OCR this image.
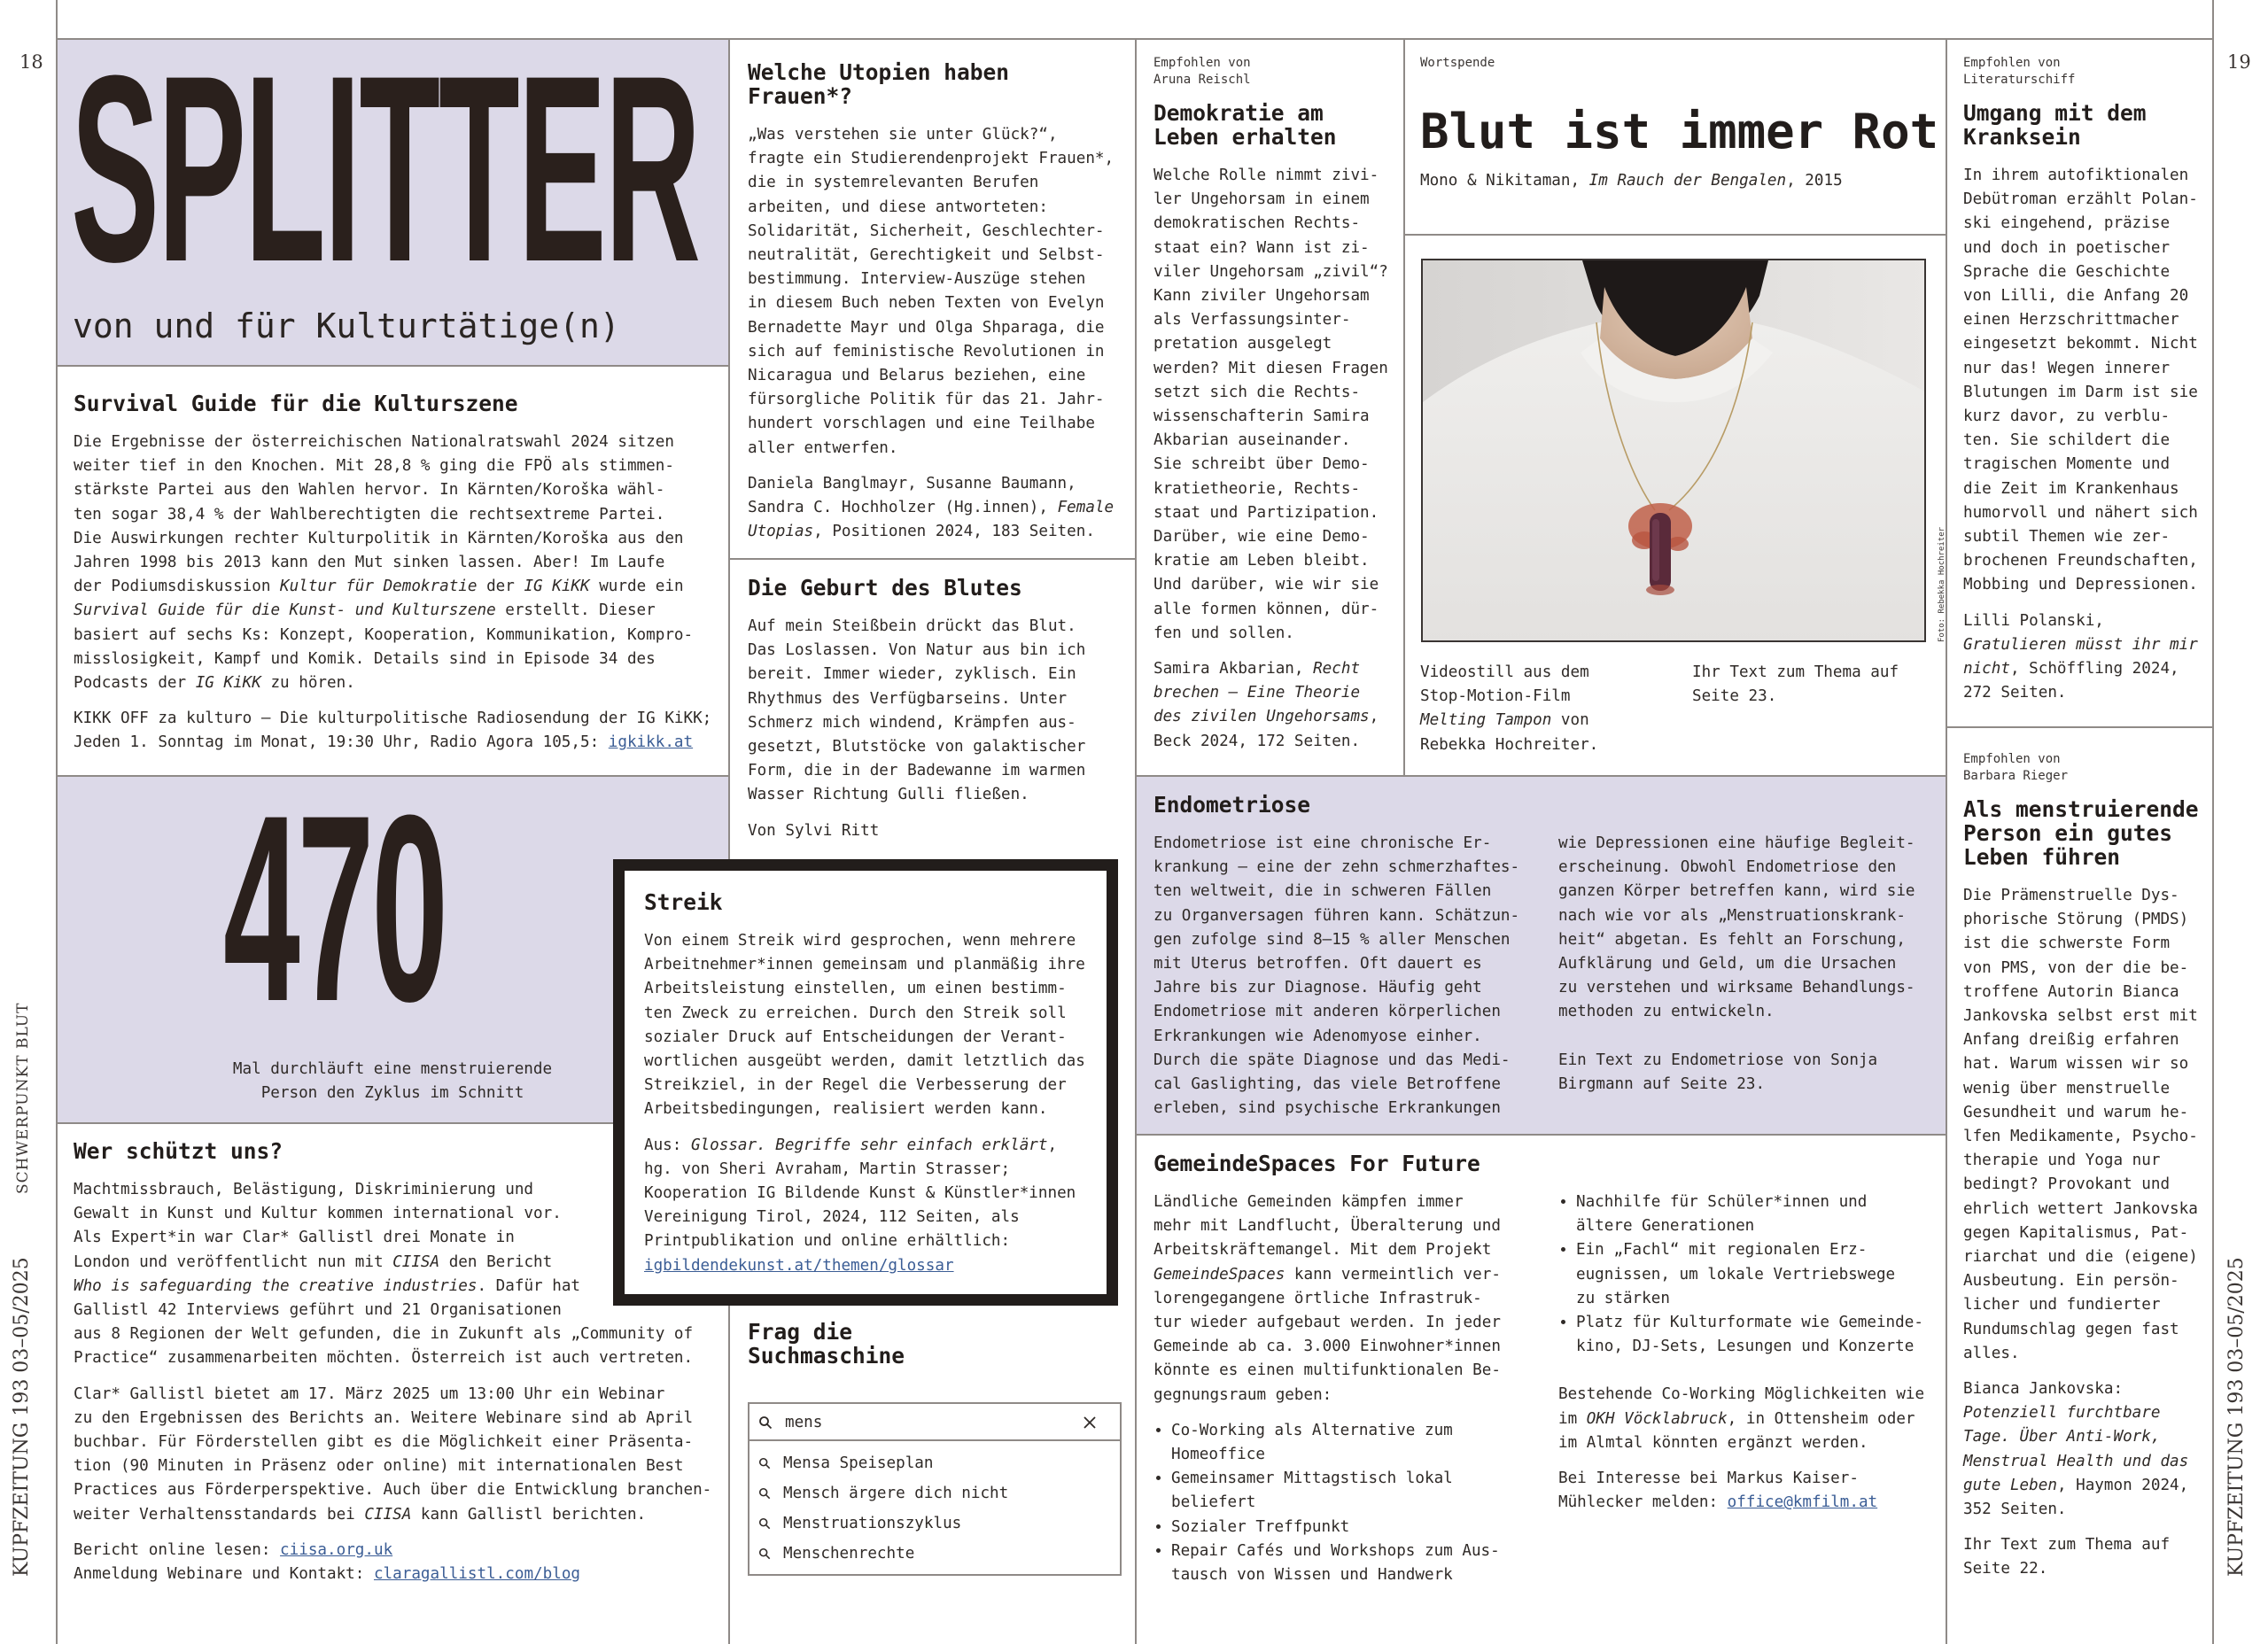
18	19
SCHWERPUNKT BLUT
KUPFZEITUNG 193 03–05/2025	KUPFZEITUNG 193 03–05/2025
SPLITTER
von und für Kulturtätige(n)
Survival Guide für die Kulturszene
Die Ergebnisse der österreichischen Nationalratswahl 2024 sitzen
weiter tief in den Knochen. Mit 28,8 % ging die FPÖ als stimmen-
stärkste Partei aus den Wahlen hervor. In Kärnten/Koroška wähl-
ten sogar 38,4 % der Wahlberechtigten die rechtsextreme Partei.
Die Auswirkungen rechter Kulturpolitik in Kärnten/Koroška aus den
Jahren 1998 bis 2013 kann den Mut sinken lassen. Aber! Im Laufe
der Podiumsdiskussion Kultur für Demokratie der IG KiKK wurde ein
Survival Guide für die Kunst- und Kulturszene erstellt. Dieser
basiert auf sechs Ks: Konzept, Kooperation, Kommunikation, Kompro-
misslosigkeit, Kampf und Komik. Details sind in Episode 34 des
Podcasts der IG KiKK zu hören.
KIKK OFF za kulturo – Die kulturpolitische Radiosendung der IG KiKK;
Jeden 1. Sonntag im Monat, 19:30 Uhr, Radio Agora 105,5: igkikk.at
470
Mal durchläuft eine menstruierende
Person den Zyklus im Schnitt
Wer schützt uns?
Machtmissbrauch, Belästigung, Diskriminierung und
Gewalt in Kunst und Kultur kommen international vor.
Als Expert*in war Clar* Gallistl drei Monate in
London und veröffentlicht nun mit CIISA den Bericht
Who is safeguarding the creative industries. Dafür hat
Gallistl 42 Interviews geführt und 21 Organisationen
aus 8 Regionen der Welt gefunden, die in Zukunft als „Community of
Practice“ zusammenarbeiten möchten. Österreich ist auch vertreten.
Clar* Gallistl bietet am 17. März 2025 um 13:00 Uhr ein Webinar
zu den Ergebnissen des Berichts an. Weitere Webinare sind ab April
buchbar. Für Förderstellen gibt es die Möglichkeit einer Präsenta-
tion (90 Minuten in Präsenz oder online) mit internationalen Best
Practices aus Förderperspektive. Auch über die Entwicklung branchen-
weiter Verhaltensstandards bei CIISA kann Gallistl berichten.
Bericht online lesen: ciisa.org.uk
Anmeldung Webinare und Kontakt: claragallistl.com/blog
Welche Utopien haben
Frauen*?
„Was verstehen sie unter Glück?“,
fragte ein Studierendenprojekt Frauen*,
die in systemrelevanten Berufen
arbeiten, und diese antworteten:
Solidarität, Sicherheit, Geschlechter-
neutralität, Gerechtigkeit und Selbst-
bestimmung. Interview-Auszüge stehen
in diesem Buch neben Texten von Evelyn
Bernadette Mayr und Olga Shparaga, die
sich auf feministische Revolutionen in
Nicaragua und Belarus beziehen, eine
fürsorgliche Politik für das 21. Jahr-
hundert vorschlagen und eine Teilhabe
aller entwerfen.
Daniela Banglmayr, Susanne Baumann,
Sandra C. Hochholzer (Hg.innen), Female
Utopias, Positionen 2024, 183 Seiten.
Die Geburt des Blutes
Auf mein Steißbein drückt das Blut.
Das Loslassen. Von Natur aus bin ich
bereit. Immer wieder, zyklisch. Ein
Rhythmus des Verfügbarseins. Unter
Schmerz mich windend, Krämpfen aus-
gesetzt, Blutstöcke von galaktischer
Form, die in der Badewanne im warmen
Wasser Richtung Gulli fließen.
Von Sylvi Ritt
Streik
Von einem Streik wird gesprochen, wenn mehrere
Arbeitnehmer*innen gemeinsam und planmäßig ihre
Arbeitsleistung einstellen, um einen bestimm-
ten Zweck zu erreichen. Durch den Streik soll
sozialer Druck auf Entscheidungen der Verant-
wortlichen ausgeübt werden, damit letztlich das
Streikziel, in der Regel die Verbesserung der
Arbeitsbedingungen, realisiert werden kann.
Aus: Glossar. Begriffe sehr einfach erklärt,
hg. von Sheri Avraham, Martin Strasser;
Kooperation IG Bildende Kunst & Künstler*innen
Vereinigung Tirol, 2024, 112 Seiten, als
Printpublikation und online erhältlich:
igbildendekunst.at/themen/glossar
Frag die
Suchmaschine
mens
Mensa Speiseplan
Mensch ärgere dich nicht
Menstruationszyklus
Menschenrechte
Empfohlen von
Aruna Reischl
Demokratie am
Leben erhalten
Welche Rolle nimmt zivi-
ler Ungehorsam in einem
demokratischen Rechts-
staat ein? Wann ist zi-
viler Ungehorsam „zivil“?
Kann ziviler Ungehorsam
als Verfassungsinter-
pretation ausgelegt
werden? Mit diesen Fragen
setzt sich die Rechts-
wissenschafterin Samira
Akbarian auseinander.
Sie schreibt über Demo-
kratietheorie, Rechts-
staat und Partizipation.
Darüber, wie eine Demo-
kratie am Leben bleibt.
Und darüber, wie wir sie
alle formen können, dür-
fen und sollen.
Samira Akbarian, Recht
brechen – Eine Theorie
des zivilen Ungehorsams,
Beck 2024, 172 Seiten.
Wortspende
Blut ist immer Rot
Mono & Nikitaman, Im Rauch der Bengalen, 2015
Foto: Rebekka Hochreiter
Videostill aus dem
Stop-Motion-Film
Melting Tampon von
Rebekka Hochreiter.
Ihr Text zum Thema auf
Seite 23.
Empfohlen von
Literaturschiff
Umgang mit dem
Kranksein
In ihrem autofiktionalen
Debütroman erzählt Polan-
ski eingehend, präzise
und doch in poetischer
Sprache die Geschichte
von Lilli, die Anfang 20
einen Herzschrittmacher
eingesetzt bekommt. Nicht
nur das! Wegen innerer
Blutungen im Darm ist sie
kurz davor, zu verblu-
ten. Sie schildert die
tragischen Momente und
die Zeit im Krankenhaus
humorvoll und nähert sich
subtil Themen wie zer-
brochenen Freundschaften,
Mobbing und Depressionen.
Lilli Polanski,
Gratulieren müsst ihr mir
nicht, Schöffling 2024,
272 Seiten.
Endometriose
Endometriose ist eine chronische Er-
krankung – eine der zehn schmerzhaftes-
ten weltweit, die in schweren Fällen
zu Organversagen führen kann. Schätzun-
gen zufolge sind 8–15 % aller Menschen
mit Uterus betroffen. Oft dauert es
Jahre bis zur Diagnose. Häufig geht
Endometriose mit anderen körperlichen
Erkrankungen wie Adenomyose einher.
Durch die späte Diagnose und das Medi-
cal Gaslighting, das viele Betroffene
erleben, sind psychische Erkrankungen
wie Depressionen eine häufige Begleit-
erscheinung. Obwohl Endometriose den
ganzen Körper betreffen kann, wird sie
nach wie vor als „Menstruationskrank-
heit“ abgetan. Es fehlt an Forschung,
Aufklärung und Geld, um die Ursachen
zu verstehen und wirksame Behandlungs-
methoden zu entwickeln.
Ein Text zu Endometriose von Sonja
Birgmann auf Seite 23.
GemeindeSpaces For Future
Ländliche Gemeinden kämpfen immer
mehr mit Landflucht, Überalterung und
Arbeitskräftemangel. Mit dem Projekt
GemeindeSpaces kann vermeintlich ver-
lorengegangene örtliche Infrastruk-
tur wieder aufgebaut werden. In jeder
Gemeinde ab ca. 3.000 Einwohner*innen
könnte es einen multifunktionalen Be-
gegnungsraum geben:
• Co-Working als Alternative zum
Homeoffice
• Gemeinsamer Mittagstisch lokal
beliefert
• Sozialer Treffpunkt
• Repair Cafés und Workshops zum Aus-
tausch von Wissen und Handwerk
• Nachhilfe für Schüler*innen und
ältere Generationen
• Ein „Fachl“ mit regionalen Erz-
eugnissen, um lokale Vertriebswege
zu stärken
• Platz für Kulturformate wie Gemeinde-
kino, DJ-Sets, Lesungen und Konzerte
Bestehende Co-Working Möglichkeiten wie
im OKH Vöcklabruck, in Ottensheim oder
im Almtal könnten ergänzt werden.
Bei Interesse bei Markus Kaiser-
Mühlecker melden: office@kmfilm.at
Empfohlen von
Barbara Rieger
Als menstruierende
Person ein gutes
Leben führen
Die Prämenstruelle Dys-
phorische Störung (PMDS)
ist die schwerste Form
von PMS, von der die be-
troffene Autorin Bianca
Jankovska selbst erst mit
Anfang dreißig erfahren
hat. Warum wissen wir so
wenig über menstruelle
Gesundheit und warum he-
lfen Medikamente, Psycho-
therapie und Yoga nur
bedingt? Provokant und
ehrlich wettert Jankovska
gegen Kapitalismus, Pat-
riarchat und die (eigene)
Ausbeutung. Ein persön-
licher und fundierter
Rundumschlag gegen fast
alles.
Bianca Jankovska:
Potenziell furchtbare
Tage. Über Anti-Work,
Menstrual Health und das
gute Leben, Haymon 2024,
352 Seiten.
Ihr Text zum Thema auf
Seite 22.
